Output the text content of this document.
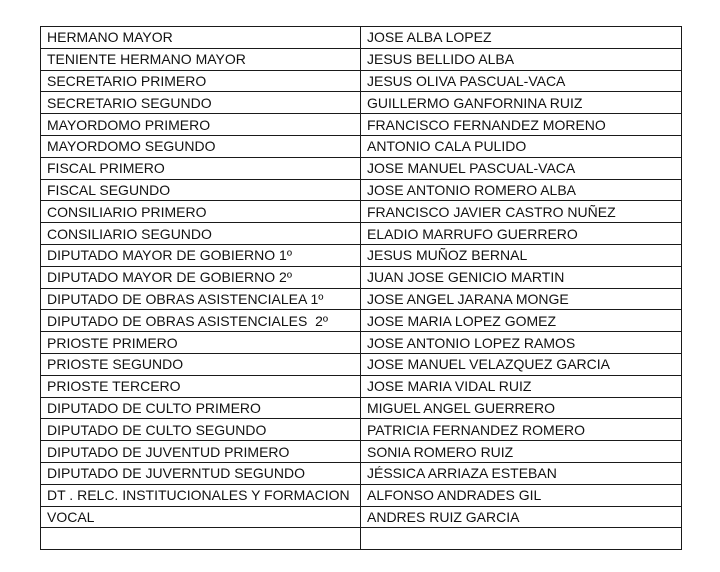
HERMANO MAYOR	JOSE ALBA LOPEZ
TENIENTE HERMANO MAYOR	JESUS BELLIDO ALBA
SECRETARIO PRIMERO	JESUS OLIVA PASCUAL-VACA
SECRETARIO SEGUNDO	GUILLERMO GANFORNINA RUIZ
MAYORDOMO PRIMERO	FRANCISCO FERNANDEZ MORENO
MAYORDOMO SEGUNDO	ANTONIO CALA PULIDO
FISCAL PRIMERO	JOSE MANUEL PASCUAL-VACA
FISCAL SEGUNDO	JOSE ANTONIO ROMERO ALBA
CONSILIARIO PRIMERO	FRANCISCO JAVIER CASTRO NUÑEZ
CONSILIARIO SEGUNDO	ELADIO MARRUFO GUERRERO
DIPUTADO MAYOR DE GOBIERNO 1º	JESUS MUÑOZ BERNAL
DIPUTADO MAYOR DE GOBIERNO 2º	JUAN JOSE GENICIO MARTIN
DIPUTADO DE OBRAS ASISTENCIALEA 1º	JOSE ANGEL JARANA MONGE
DIPUTADO DE OBRAS ASISTENCIALES  2º	JOSE MARIA LOPEZ GOMEZ
PRIOSTE PRIMERO	JOSE ANTONIO LOPEZ RAMOS
PRIOSTE SEGUNDO	JOSE MANUEL VELAZQUEZ GARCIA
PRIOSTE TERCERO	JOSE MARIA VIDAL RUIZ
DIPUTADO DE CULTO PRIMERO	MIGUEL ANGEL GUERRERO
DIPUTADO DE CULTO SEGUNDO	PATRICIA FERNANDEZ ROMERO
DIPUTADO DE JUVENTUD PRIMERO	SONIA ROMERO RUIZ
DIPUTADO DE JUVERNTUD SEGUNDO	JÉSSICA ARRIAZA ESTEBAN
DT . RELC. INSTITUCIONALES Y FORMACION	ALFONSO ANDRADES GIL
VOCAL	ANDRES RUIZ GARCIA
